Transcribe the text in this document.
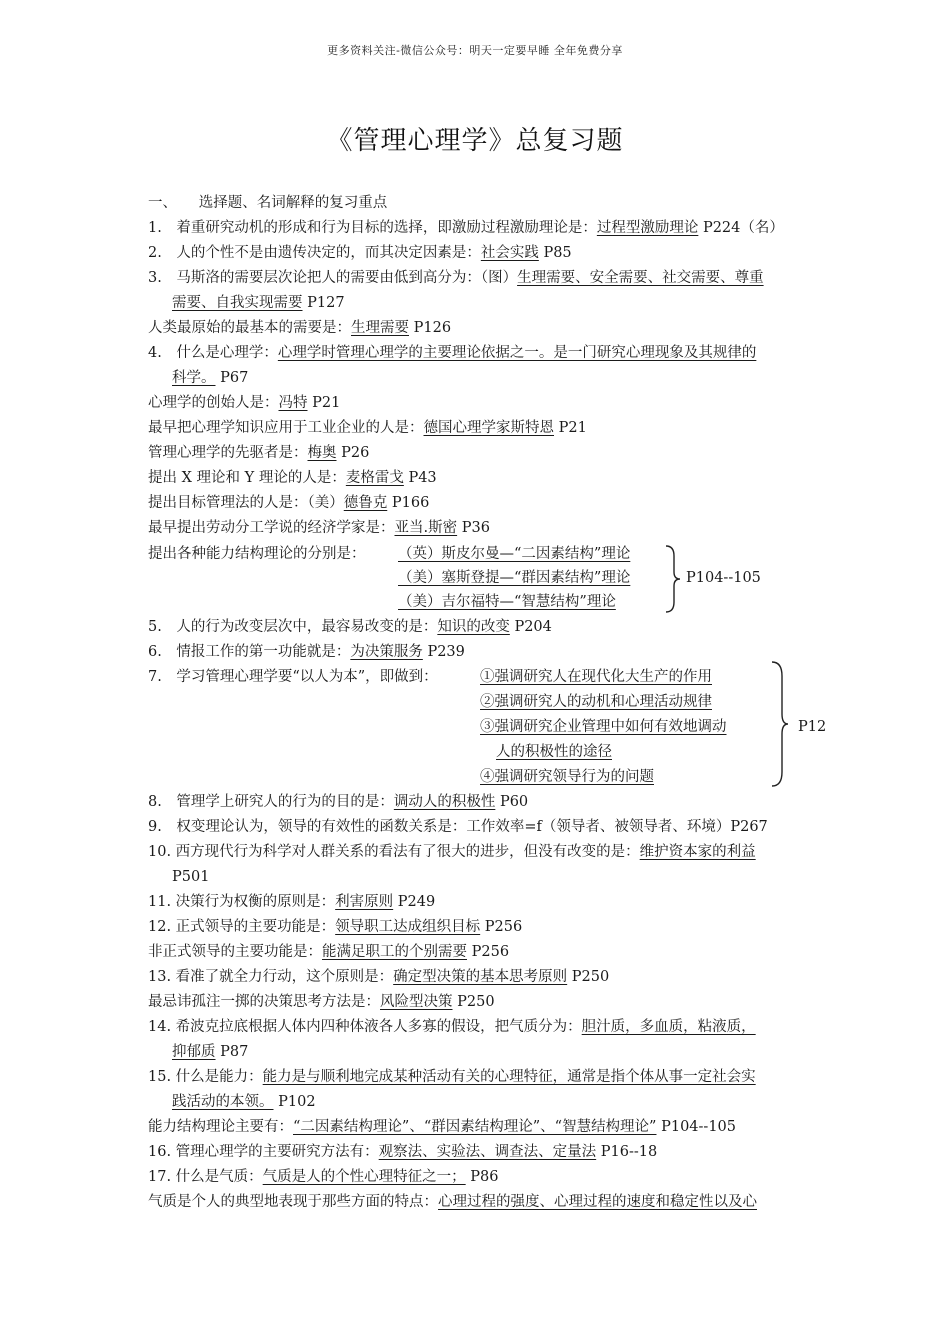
更多资料关注-微信公众号：明天一定要早睡 全年免费分享
《管理心理学》总复习题
一、　　选择题、名词解释的复习重点
1.　着重研究动机的形成和行为目标的选择，即激励过程激励理论是：过程型激励理论 P224（名）
2.　人的个性不是由遗传决定的，而其决定因素是：社会实践 P85
3.　马斯洛的需要层次论把人的需要由低到高分为：（图）生理需要、安全需要、社交需要、尊重
需要、自我实现需要 P127
人类最原始的最基本的需要是：生理需要 P126
4.　什么是心理学：心理学时管理心理学的主要理论依据之一。是一门研究心理现象及其规律的
科学。 P67
心理学的创始人是：冯特 P21
最早把心理学知识应用于工业企业的人是：德国心理学家斯特恩 P21
管理心理学的先驱者是：梅奥 P26
提出 X 理论和 Y 理论的人是：麦格雷戈 P43
提出目标管理法的人是：（美）德鲁克 P166
最早提出劳动分工学说的经济学家是：亚当.斯密 P36
提出各种能力结构理论的分别是： （英）斯皮尔曼—“二因素结构”理论
（美）塞斯登提—“群因素结构”理论
（美）吉尔福特—“智慧结构”理论
P104--105
5.　人的行为改变层次中，最容易改变的是：知识的改变 P204
6.　情报工作的第一功能就是：为决策服务 P239
7.　学习管理心理学要“以人为本”，即做到：	①强调研究人在现代化大生产的作用
②强调研究人的动机和心理活动规律
③强调研究企业管理中如何有效地调动
人的积极性的途径
④强调研究领导行为的问题
P12
8.　管理学上研究人的行为的目的是：调动人的积极性 P60
9.　权变理论认为，领导的有效性的函数关系是：工作效率=f（领导者、被领导者、环境）P267
10. 西方现代行为科学对人群关系的看法有了很大的进步，但没有改变的是：维护资本家的利益
P501
11. 决策行为权衡的原则是：利害原则 P249
12. 正式领导的主要功能是：领导职工达成组织目标 P256
非正式领导的主要功能是：能满足职工的个别需要 P256
13. 看准了就全力行动，这个原则是：确定型决策的基本思考原则 P250
最忌讳孤注一掷的决策思考方法是：风险型决策 P250
14. 希波克拉底根据人体内四种体液各人多寡的假设，把气质分为：胆汁质，多血质，粘液质，
抑郁质 P87
15. 什么是能力：能力是与顺利地完成某种活动有关的心理特征，通常是指个体从事一定社会实
践活动的本领。 P102
能力结构理论主要有：“二因素结构理论”、“群因素结构理论”、“智慧结构理论” P104--105
16. 管理心理学的主要研究方法有：观察法、实验法、调查法、定量法 P16--18
17. 什么是气质：气质是人的个性心理特征之一； P86
气质是个人的典型地表现于那些方面的特点：心理过程的强度、心理过程的速度和稳定性以及心
